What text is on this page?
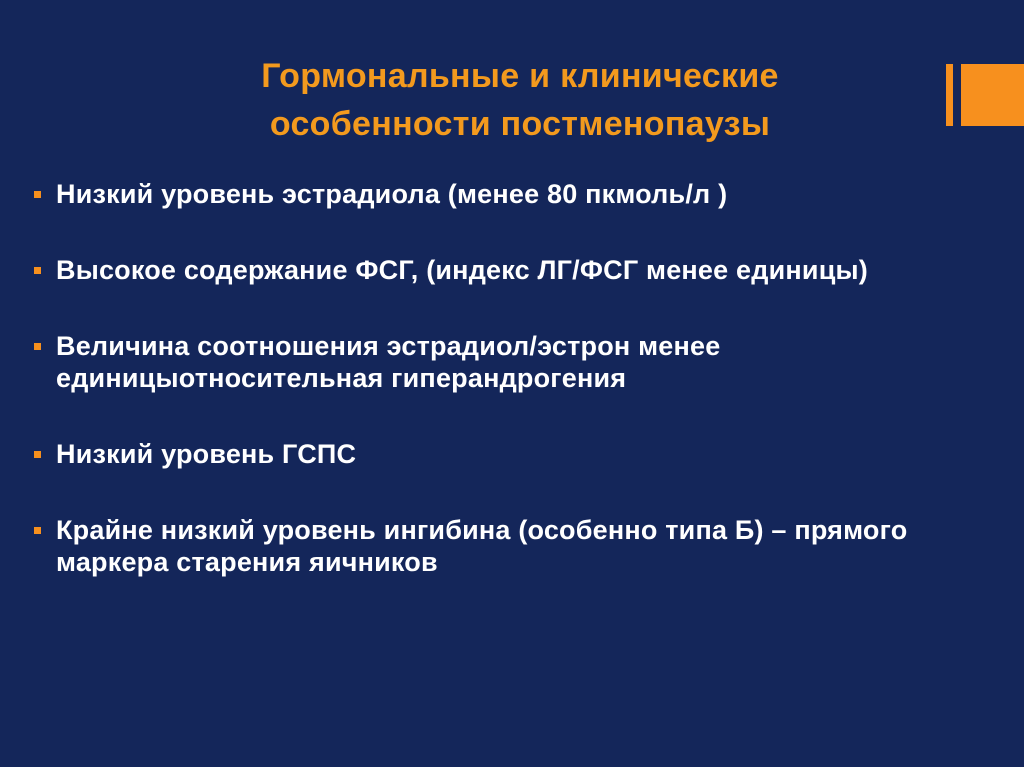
Гормональные и клинические
особенности постменопаузы
Низкий уровень эстрадиола (менее 80 пкмоль/л )
Высокое содержание ФСГ, (индекс ЛГ/ФСГ менее единицы)
Величина соотношения эстрадиол/эстрон менее единицыотносительная гиперандрогения
Низкий уровень ГСПС
Крайне низкий уровень ингибина (особенно типа Б) – прямого маркера старения яичников
